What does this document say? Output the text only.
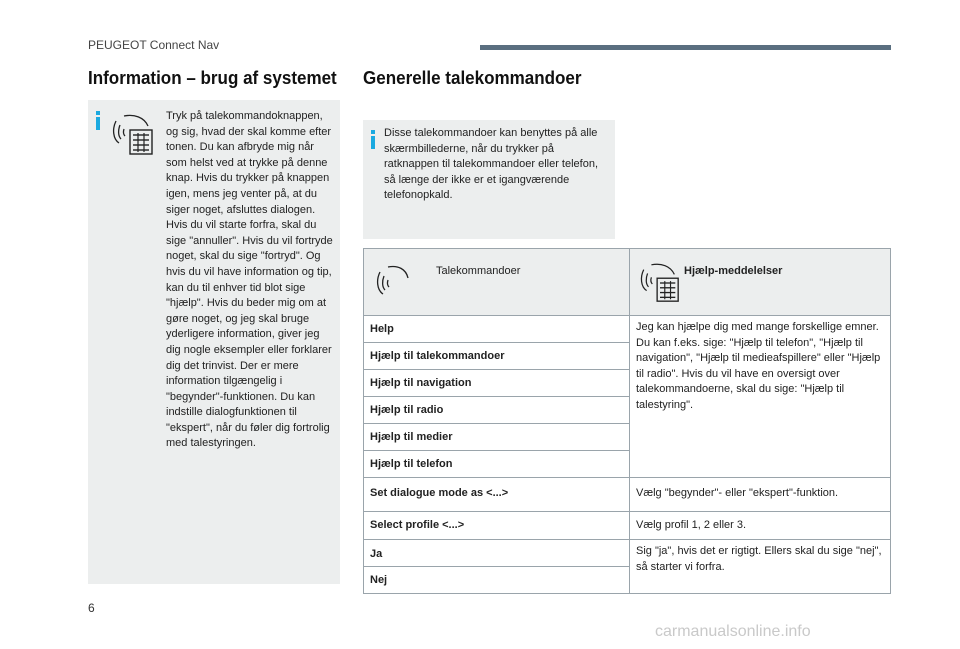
PEUGEOT Connect Nav
Information – brug af systemet Generelle talekommandoer
Tryk på talekommandoknappen, og sig, hvad der skal komme efter tonen. Du kan afbryde mig når som helst ved at trykke på denne knap. Hvis du trykker på knappen igen, mens jeg venter på, at du siger noget, afsluttes dialogen. Hvis du vil starte forfra, skal du sige "annuller". Hvis du vil fortryde noget, skal du sige "fortryd". Og hvis du vil have information og tip, kan du til enhver tid blot sige "hjælp". Hvis du beder mig om at gøre noget, og jeg skal bruge yderligere information, giver jeg dig nogle eksempler eller forklarer dig det trinvist. Der er mere information tilgængelig i "begynder"-funktionen. Du kan indstille dialogfunktionen til "ekspert", når du føler dig fortrolig med talestyringen.
Disse talekommandoer kan benyttes på alle skærmbillederne, når du trykker på ratknappen til talekommandoer eller telefon, så længe der ikke er et igangværende telefonopkald.
Talekommandoer	Hjælp-meddelelser

Help	Jeg kan hjælpe dig med mange forskellige emner. Du kan f.eks. sige: "Hjælp til telefon", "Hjælp til navigation", "Hjælp til medieafspillere" eller "Hjælp til radio". Hvis du vil have en oversigt over talekommandoerne, skal du sige: "Hjælp til talestyring".
Hjælp til talekommandoer	
Hjælp til navigation	
Hjælp til radio	
Hjælp til medier	
Hjælp til telefon	
Set dialogue mode as <...>	Vælg "begynder"- eller "ekspert"-funktion.
Select profile <...>	Vælg profil 1, 2 eller 3.
Ja	Sig "ja", hvis det er rigtigt. Ellers skal du sige "nej", så starter vi forfra.
Nej	
6
carmanualsonline.info
